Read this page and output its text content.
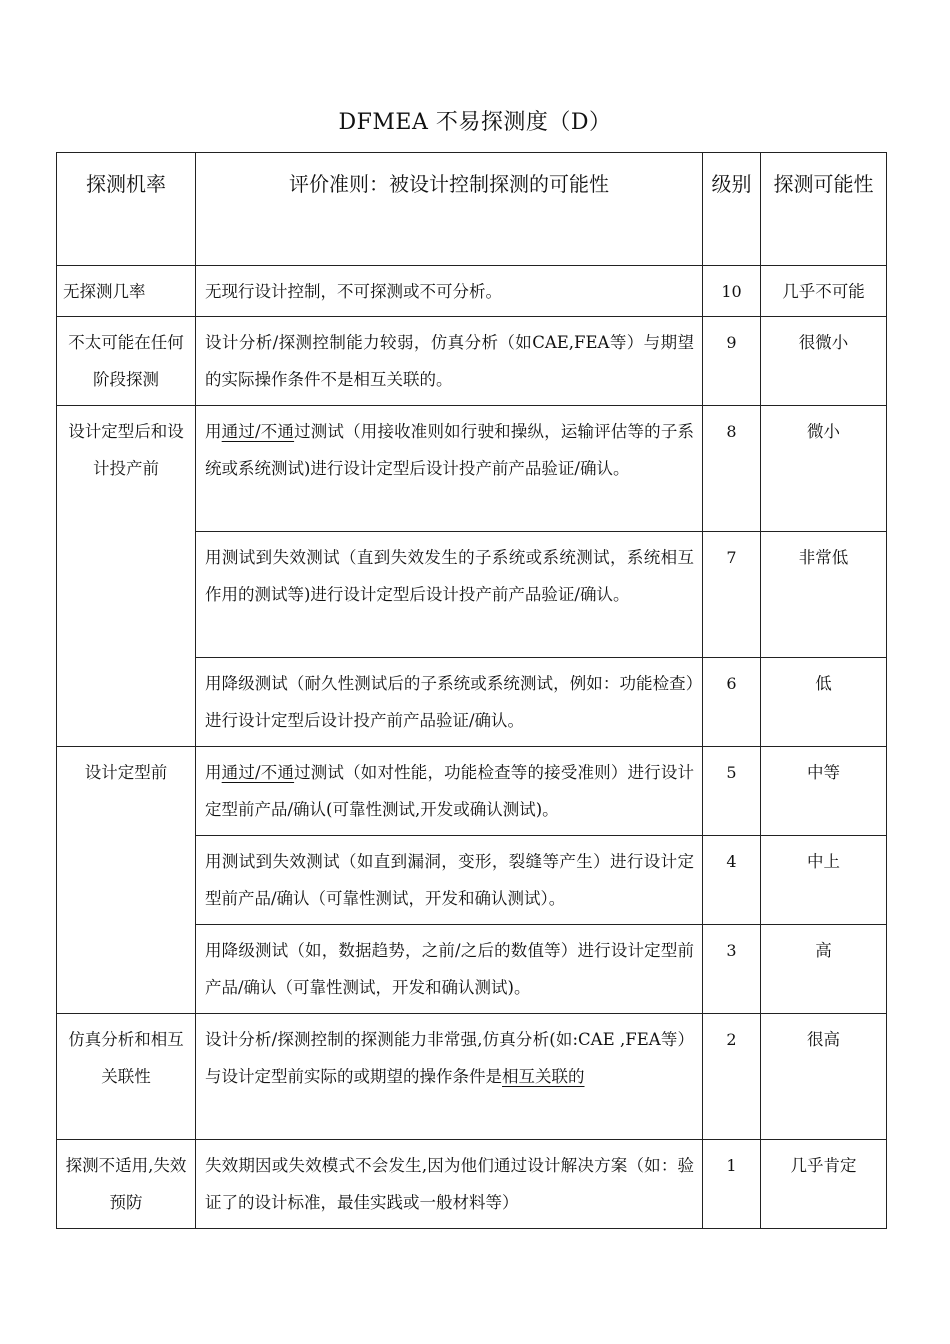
DFMEA 不易探测度（D）
探测机率	评价准则：被设计控制探测的可能性	级别	探测可能性
无探测几率	无现行设计控制，不可探测或不可分析。	10	几乎不可能
不太可能在任何阶段探测	设计分析/探测控制能力较弱，仿真分析（如CAE,FEA等）与期望的实际操作条件不是相互关联的。	9	很微小
设计定型后和设计投产前	用通过/不通过测试（用接收准则如行驶和操纵，运输评估等的子系统或系统测试)进行设计定型后设计投产前产品验证/确认。	8	微小
	用测试到失效测试（直到失效发生的子系统或系统测试，系统相互作用的测试等)进行设计定型后设计投产前产品验证/确认。	7	非常低
	用降级测试（耐久性测试后的子系统或系统测试，例如：功能检查）进行设计定型后设计投产前产品验证/确认。	6	低
设计定型前	用通过/不通过测试（如对性能，功能检查等的接受准则）进行设计定型前产品/确认(可靠性测试,开发或确认测试)。	5	中等
	用测试到失效测试（如直到漏洞，变形，裂缝等产生）进行设计定型前产品/确认（可靠性测试，开发和确认测试）。	4	中上
	用降级测试（如，数据趋势，之前/之后的数值等）进行设计定型前产品/确认（可靠性测试，开发和确认测试)。	3	高
仿真分析和相互关联性	设计分析/探测控制的探测能力非常强,仿真分析(如:CAE ,FEA等）与设计定型前实际的或期望的操作条件是相互关联的	2	很高
探测不适用,失效预防	失效期因或失效模式不会发生,因为他们通过设计解决方案（如：验证了的设计标准，最佳实践或一般材料等）	1	几乎肯定
